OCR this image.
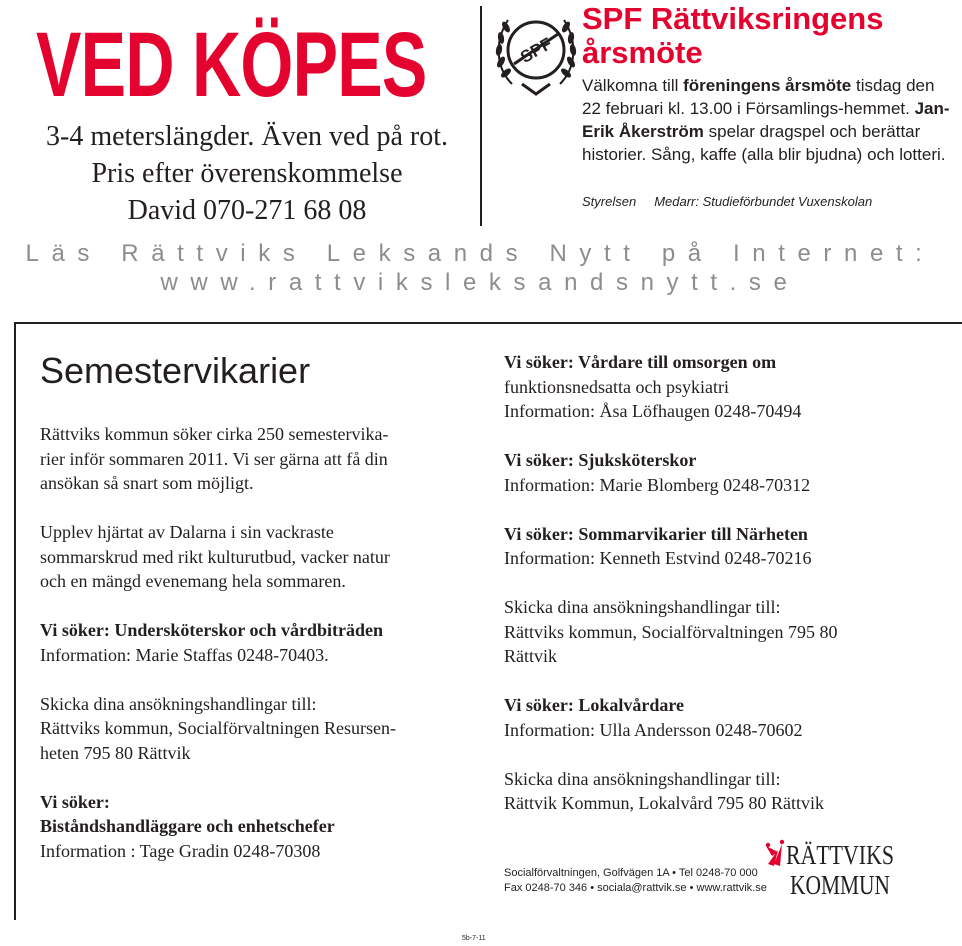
VED KÖPES
3-4 meterslängder. Även ved på rot.
Pris efter överenskommelse
David 070-271 68 08
SPF
SPF Rättviksringens
årsmöte
Välkomna till föreningens årsmöte tisdag den 22 februari kl. 13.00 i Församlings-hemmet. Jan-Erik Åkerström spelar dragspel och berättar historier. Sång, kaffe (alla blir bjudna) och lotteri.
Styrelsen Medarr: Studieförbundet Vuxenskolan
Läs Rättviks Leksands Nytt på Internet:
www.rattviksleksandsnytt.se
Semestervikarier

Rättviks kommun söker cirka 250 semestervika-

rier inför sommaren 2011. Vi ser gärna att få din

ansökan så snart som möjligt.

Upplev hjärtat av Dalarna i sin vackraste

sommarskrud med rikt kulturutbud, vacker natur

och en mängd evenemang hela sommaren.

Vi söker: Undersköterskor och vårdbiträden

Information: Marie Staffas 0248-70403.

Skicka dina ansökningshandlingar till:

Rättviks kommun, Socialförvaltningen Resursen-

heten 795 80 Rättvik

Vi söker:

Biståndshandläggare och enhetschefer

Information : Tage Gradin 0248-70308

Vi söker: Vårdare till omsorgen om

funktionsnedsatta och psykiatri

Information: Åsa Löfhaugen 0248-70494

Vi söker: Sjuksköterskor

Information: Marie Blomberg 0248-70312

Vi söker: Sommarvikarier till Närheten

Information: Kenneth Estvind 0248-70216

Skicka dina ansökningshandlingar till:

Rättviks kommun, Socialförvaltningen 795 80

Rättvik

Vi söker: Lokalvårdare

Information: Ulla Andersson 0248-70602

Skicka dina ansökningshandlingar till:

Rättvik Kommun, Lokalvård 795 80 Rättvik

Socialförvaltningen, Golfvägen 1A • Tel 0248-70 000
Fax 0248-70 346 • sociala@rattvik.se • www.rattvik.se
RÄTTVIKS
KOMMUN
5b-7-11
